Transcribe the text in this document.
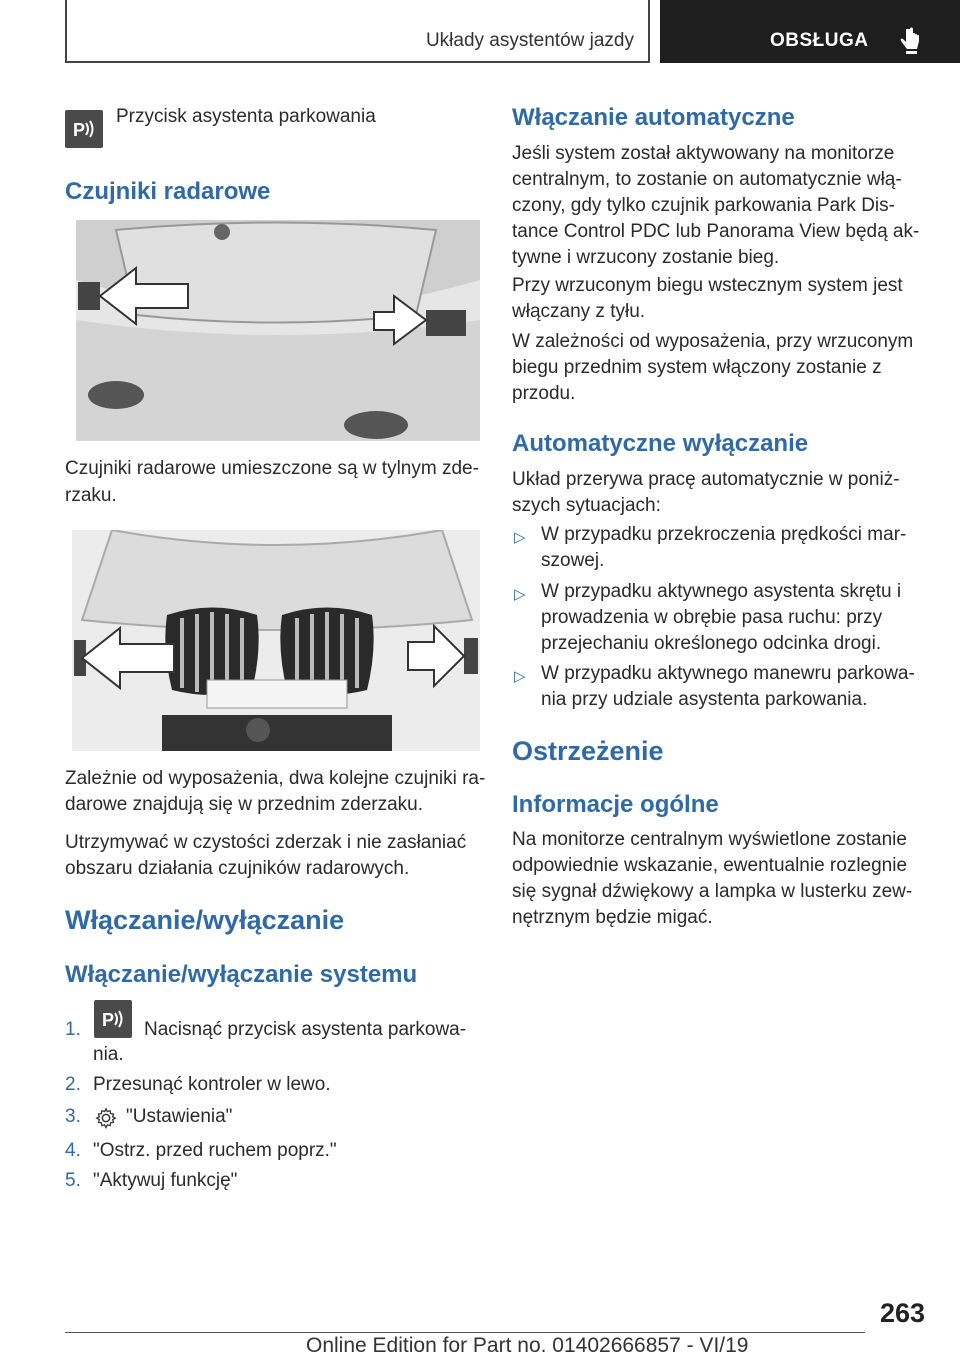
Układy asystentów jazdy	OBSŁUGA
P
Przycisk asystenta parkowania
Czujniki radarowe
Czujniki radarowe umieszczone są w tylnym zde-
rzaku.
Zależnie od wyposażenia, dwa kolejne czujniki ra-
darowe znajdują się w przednim zderzaku.
Utrzymywać w czystości zderzak i nie zasłaniać
obszaru działania czujników radarowych.
Włączanie/wyłączanie
Włączanie/wyłączanie systemu
1. P Nacisnąć przycisk asystenta parkowa-
nia.
2. Przesunąć kontroler w lewo.
3. "Ustawienia"
4. "Ostrz. przed ruchem poprz."
5. "Aktywuj funkcję"
Włączanie automatyczne
Jeśli system został aktywowany na monitorze
centralnym, to zostanie on automatycznie włą-
czony, gdy tylko czujnik parkowania Park Dis-
tance Control PDC lub Panorama View będą ak-
tywne i wrzucony zostanie bieg.
Przy wrzuconym biegu wstecznym system jest
włączany z tyłu.
W zależności od wyposażenia, przy wrzuconym
biegu przednim system włączony zostanie z
przodu.
Automatyczne wyłączanie
Układ przerywa pracę automatycznie w poniż-
szych sytuacjach:
▷ W przypadku przekroczenia prędkości mar-
szowej.
▷ W przypadku aktywnego asystenta skrętu i
prowadzenia w obrębie pasa ruchu: przy
przejechaniu określonego odcinka drogi.
▷ W przypadku aktywnego manewru parkowa-
nia przy udziale asystenta parkowania.
Ostrzeżenie
Informacje ogólne
Na monitorze centralnym wyświetlone zostanie
odpowiednie wskazanie, ewentualnie rozlegnie
się sygnał dźwiękowy a lampka w lusterku zew-
nętrznym będzie migać.
263
Online Edition for Part no. 01402666857 - VI/19
